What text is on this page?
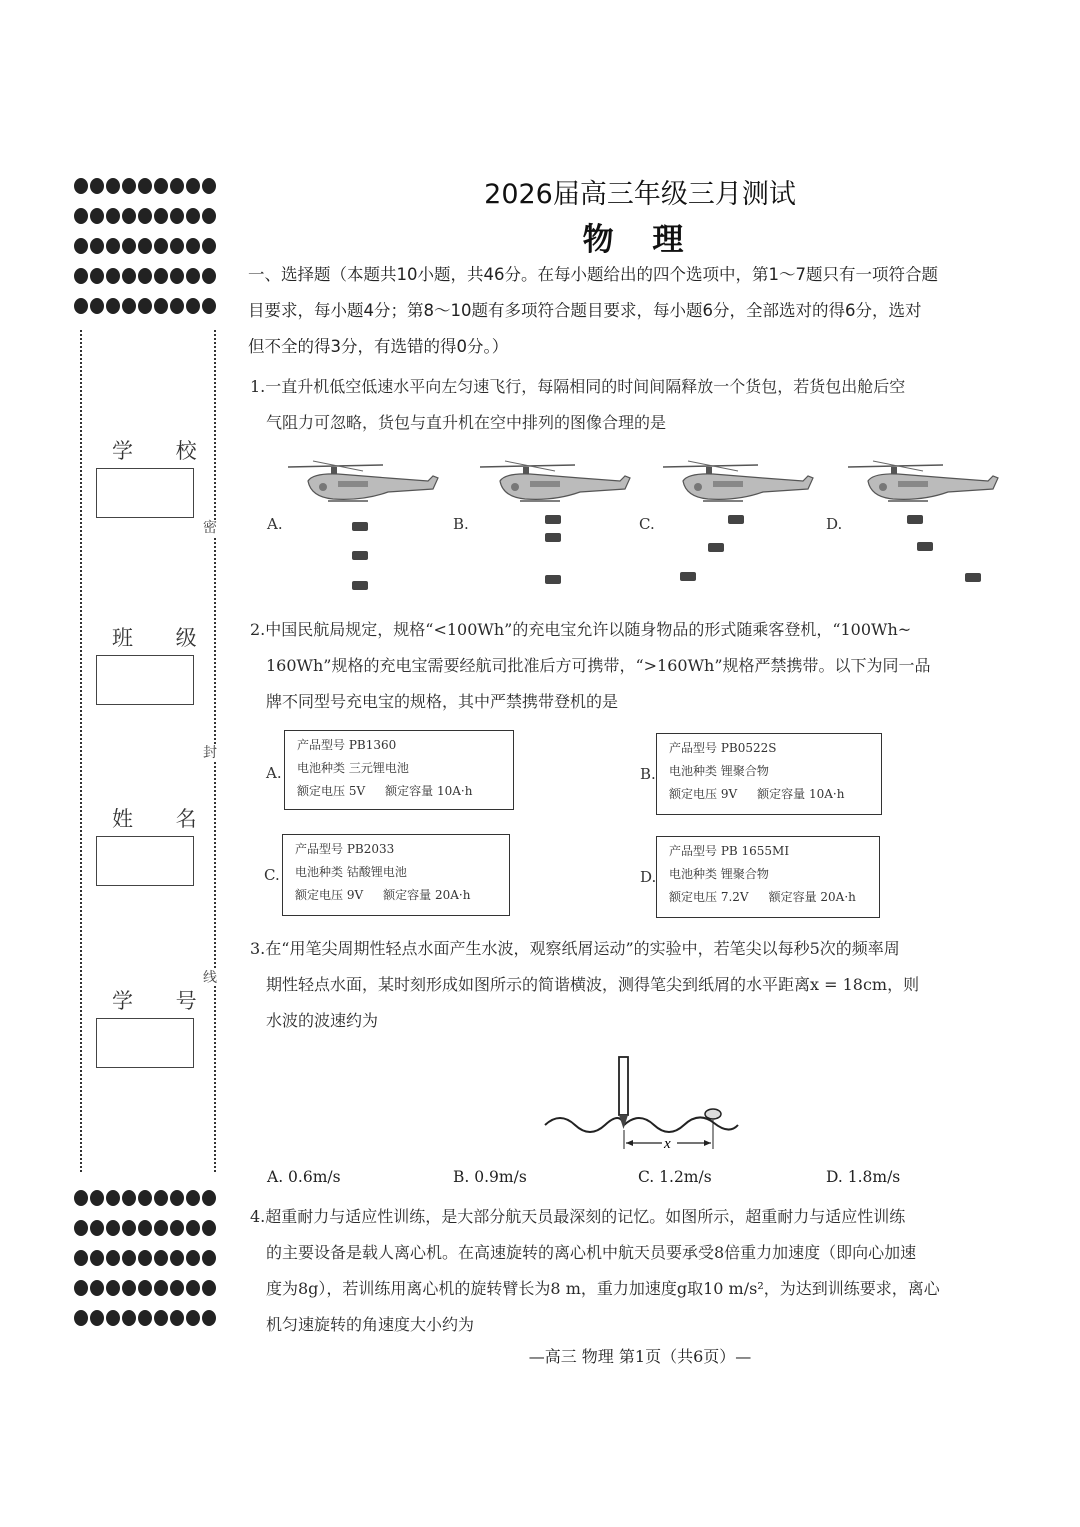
学 校
班 级
姓 名
学 号
密
封
线
2026届高三年级三月测试
物 理
一、选择题（本题共10小题，共46分。在每小题给出的四个选项中，第1～7题只有一项符合题
目要求，每小题4分；第8～10题有多项符合题目要求，每小题6分，全部选对的得6分，选对
但不全的得3分，有选错的得0分。）
1.一直升机低空低速水平向左匀速飞行，每隔相同的时间间隔释放一个货包，若货包出舱后空
气阻力可忽略，货包与直升机在空中排列的图像合理的是
A.	B.	C.	D.
2.中国民航局规定，规格“<100Wh”的充电宝允许以随身物品的形式随乘客登机，“100Wh~
160Wh”规格的充电宝需要经航司批准后方可携带，“>160Wh”规格严禁携带。以下为同一品
牌不同型号充电宝的规格，其中严禁携带登机的是
A.
产品型号 PB1360
电池种类 三元锂电池
额定电压 5V 额定容量 10A·h
B.
产品型号 PB0522S
电池种类 锂聚合物
额定电压 9V 额定容量 10A·h
C.
产品型号 PB2033
电池种类 钴酸锂电池
额定电压 9V 额定容量 20A·h
D.
产品型号 PB 1655MI
电池种类 锂聚合物
额定电压 7.2V 额定容量 20A·h
3.在“用笔尖周期性轻点水面产生水波，观察纸屑运动”的实验中，若笔尖以每秒5次的频率周
期性轻点水面，某时刻形成如图所示的简谐横波，测得笔尖到纸屑的水平距离x = 18cm，则
水波的波速约为
x
A. 0.6m/s	B. 0.9m/s	C. 1.2m/s	D. 1.8m/s
4.超重耐力与适应性训练，是大部分航天员最深刻的记忆。如图所示，超重耐力与适应性训练
的主要设备是载人离心机。在高速旋转的离心机中航天员要承受8倍重力加速度（即向心加速
度为8g），若训练用离心机的旋转臂长为8 m，重力加速度g取10 m/s²，为达到训练要求，离心
机匀速旋转的角速度大小约为
—高三 物理 第1页（共6页）—
